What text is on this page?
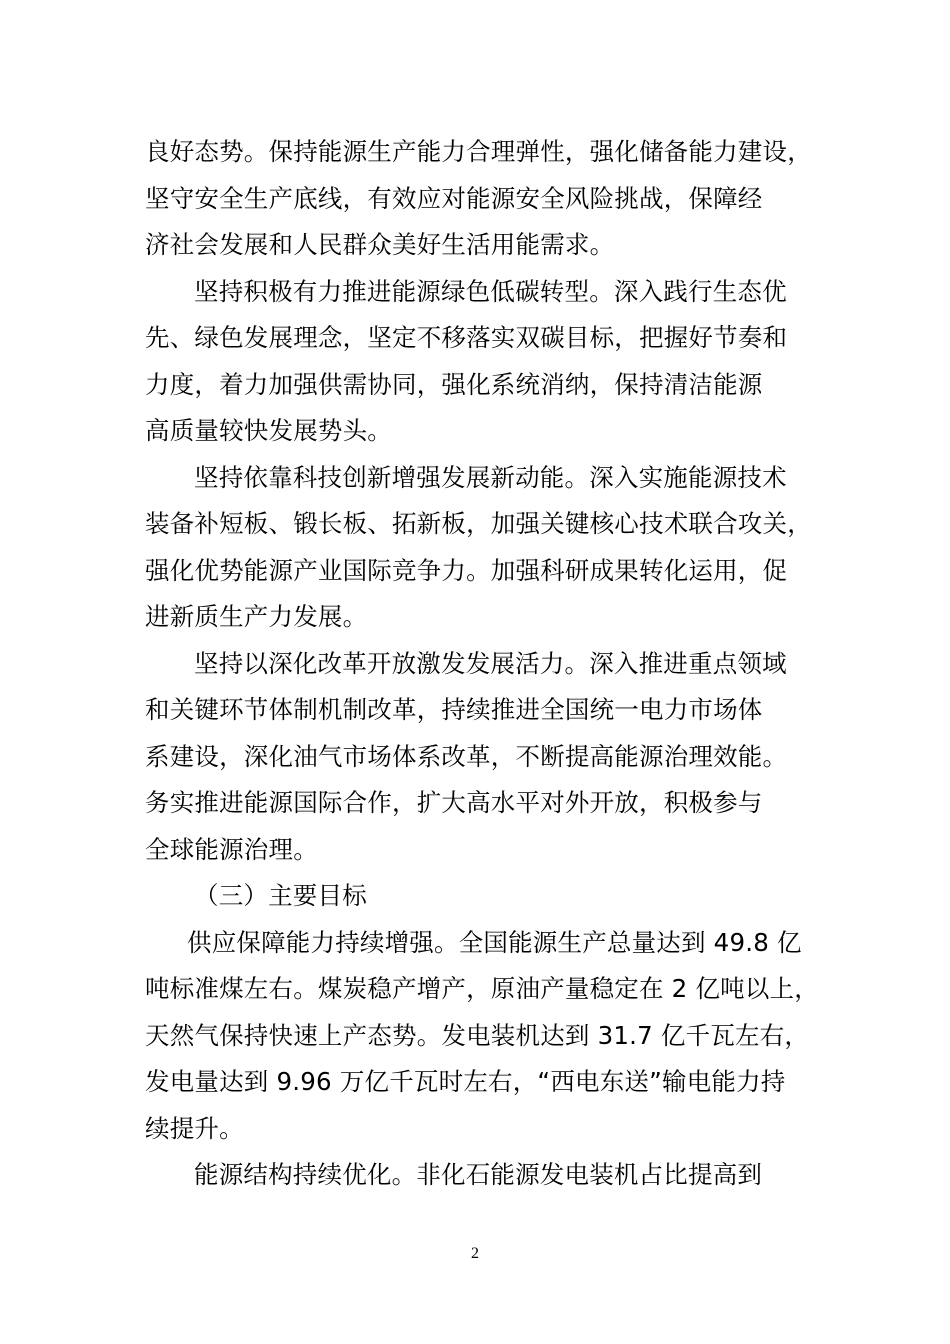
良好态势。保持能源生产能力合理弹性，强化储备能力建设，
坚守安全生产底线，有效应对能源安全风险挑战，保障经
济社会发展和人民群众美好生活用能需求。
坚持积极有力推进能源绿色低碳转型。深入践行生态优
先、绿色发展理念，坚定不移落实双碳目标，把握好节奏和
力度，着力加强供需协同，强化系统消纳，保持清洁能源
高质量较快发展势头。
坚持依靠科技创新增强发展新动能。深入实施能源技术
装备补短板、锻长板、拓新板，加强关键核心技术联合攻关，
强化优势能源产业国际竞争力。加强科研成果转化运用，促
进新质生产力发展。
坚持以深化改革开放激发发展活力。深入推进重点领域
和关键环节体制机制改革，持续推进全国统一电力市场体
系建设，深化油气市场体系改革，不断提高能源治理效能。
务实推进能源国际合作，扩大高水平对外开放，积极参与
全球能源治理。
（三）主要目标
供应保障能力持续增强。全国能源生产总量达到 49.8 亿
吨标准煤左右。煤炭稳产增产，原油产量稳定在 2 亿吨以上，
天然气保持快速上产态势。发电装机达到 31.7 亿千瓦左右，
发电量达到 9.96 万亿千瓦时左右，“西电东送”输电能力持
续提升。
能源结构持续优化。非化石能源发电装机占比提高到
2
